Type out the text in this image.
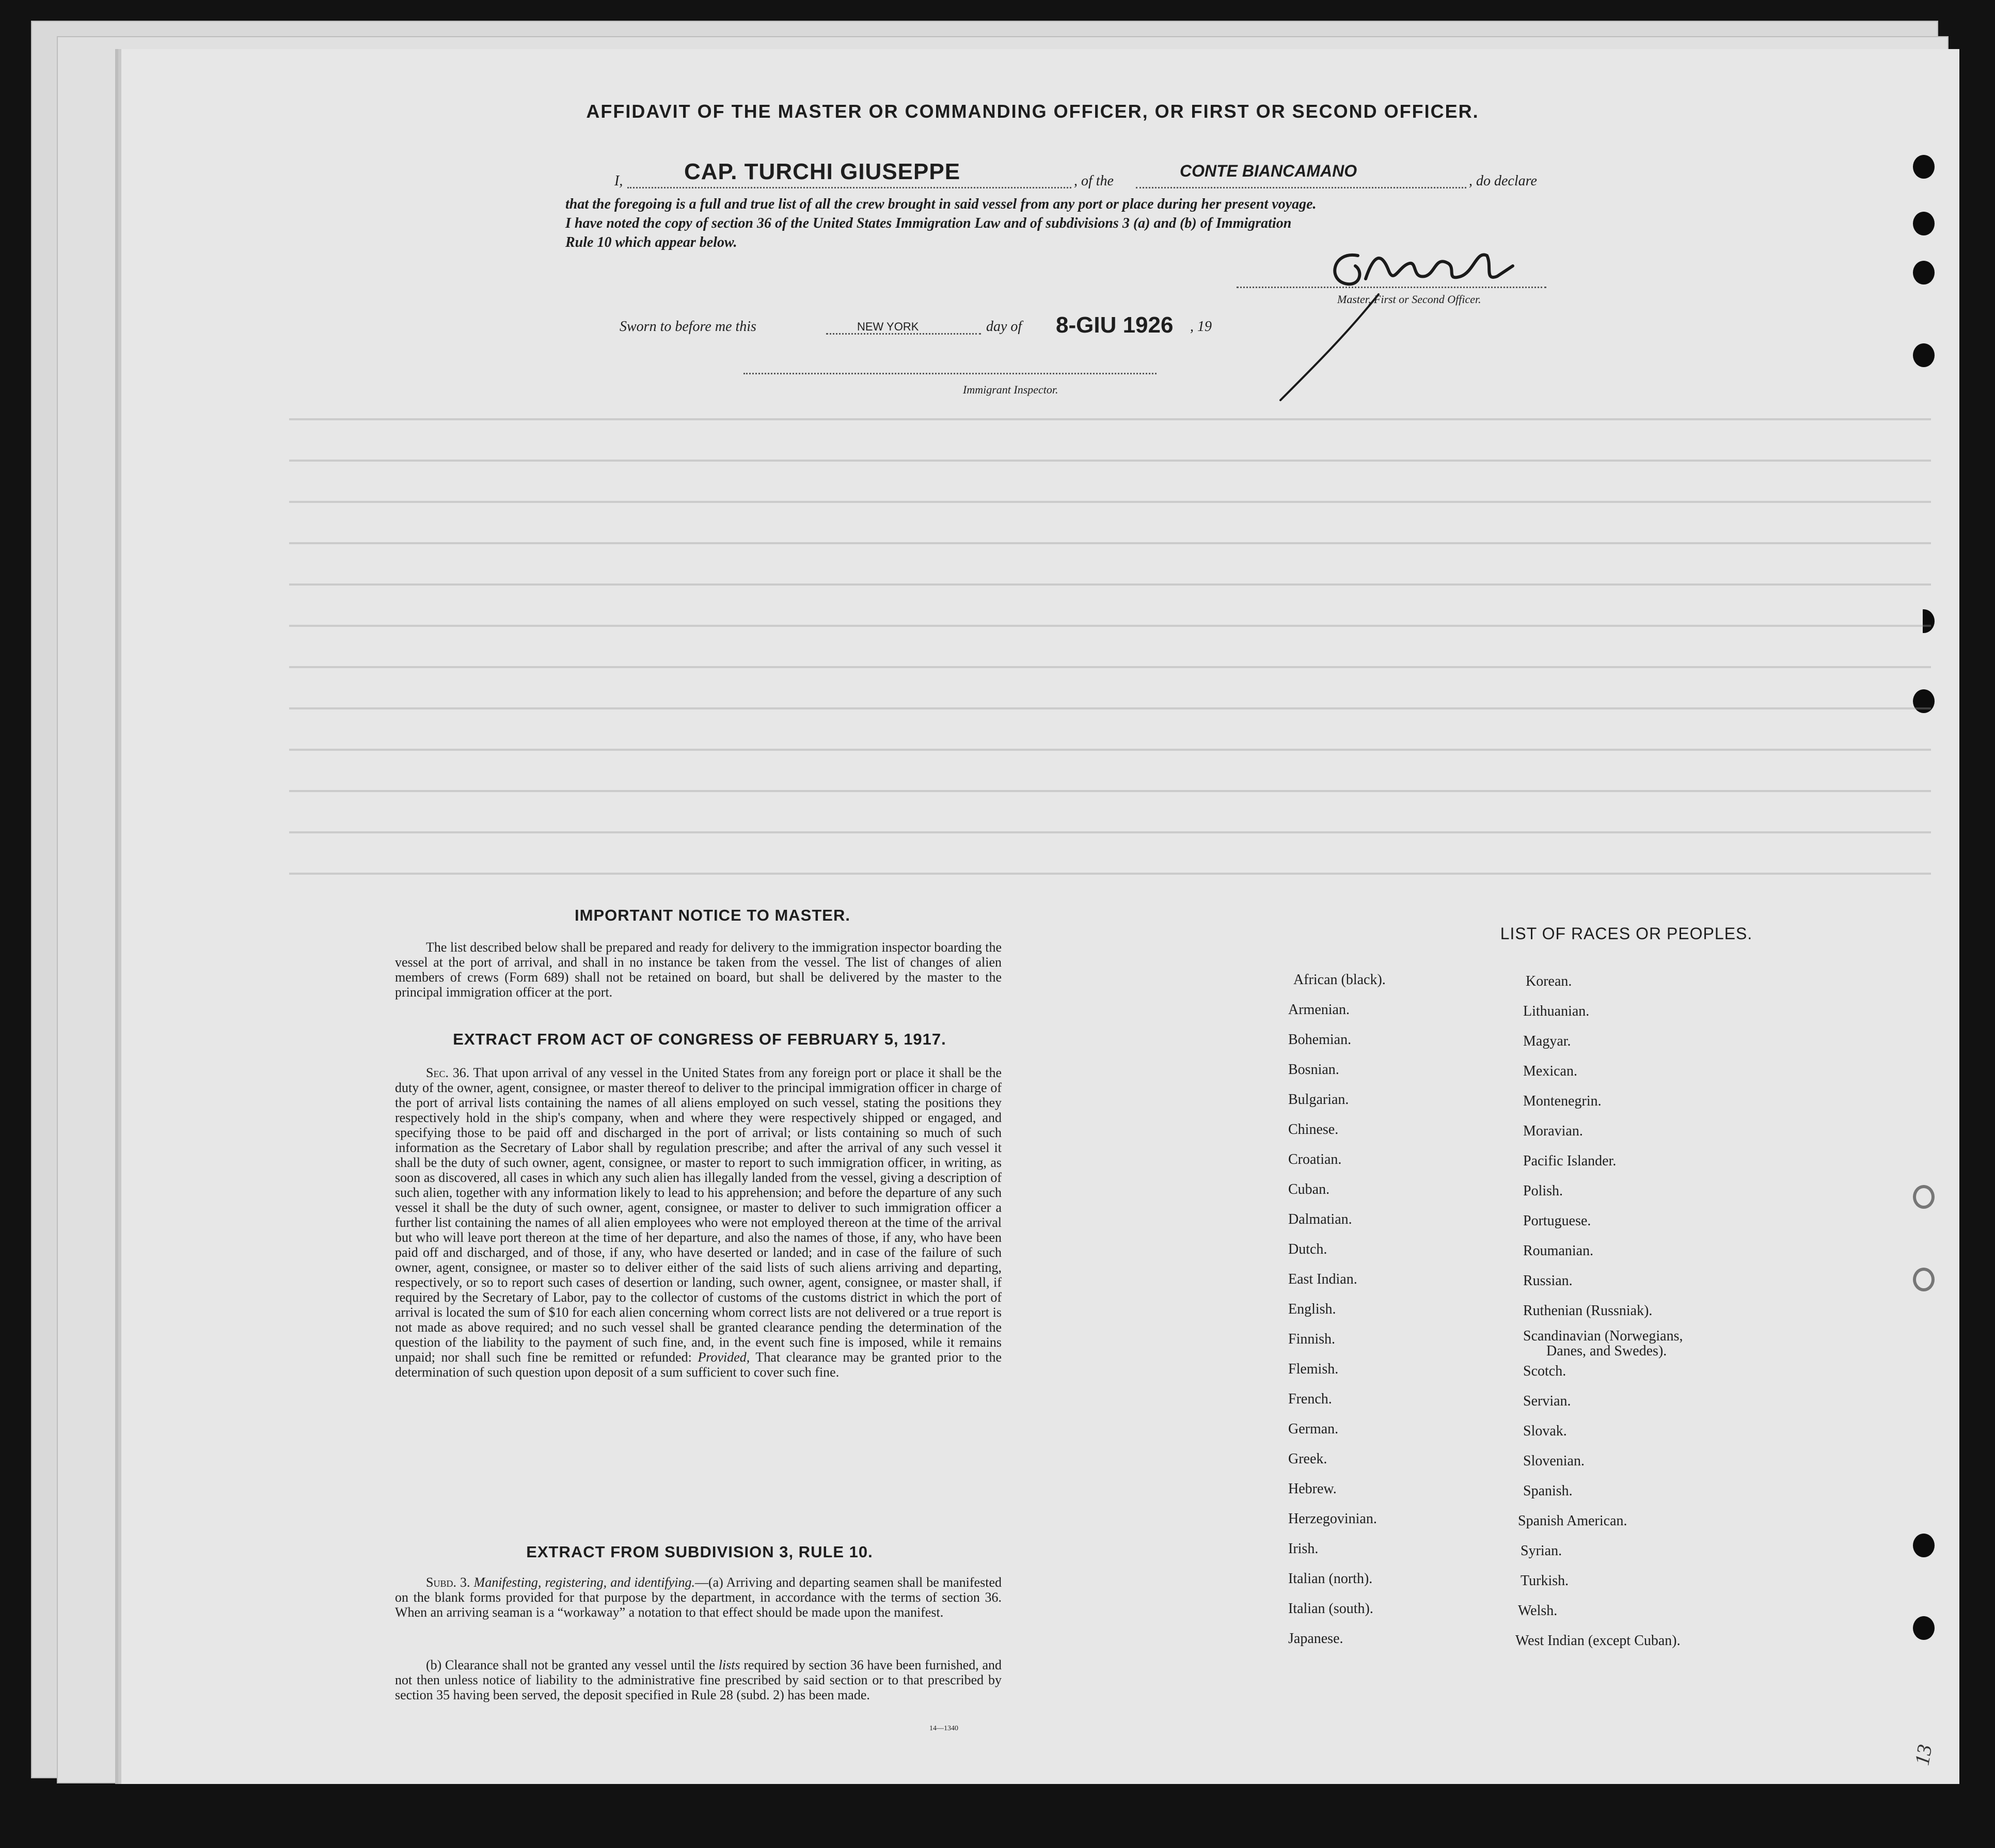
AFFIDAVIT OF THE MASTER OR COMMANDING OFFICER, OR FIRST OR SECOND OFFICER.
I,	CAP. TURCHI GIUSEPPE	, of the
CONTE BIANCAMANO
, do declare
that the foregoing is a full and true list of all the crew brought in said vessel from any port or place during her present voyage.
I have noted the copy of section 36 of the United States Immigration Law and of subdivisions 3 (a) and (b) of Immigration
Rule 10 which appear below.
Master, First or Second Officer.
Sworn to before me this	NEW YORK	day of 8-GIU 1926 , 19
Immigrant Inspector.
IMPORTANT NOTICE TO MASTER.
The list described below shall be prepared and ready for delivery to the immigration inspector boarding the vessel at the port of arrival, and shall in no instance be taken from the vessel. The list of changes of alien members of crews (Form 689) shall not be retained on board, but shall be delivered by the master to the principal immigration officer at the port.
EXTRACT FROM ACT OF CONGRESS OF FEBRUARY 5, 1917.
Sec. 36. That upon arrival of any vessel in the United States from any foreign port or place it shall be the duty of the owner, agent, consignee, or master thereof to deliver to the principal immigration officer in charge of the port of arrival lists containing the names of all aliens employed on such vessel, stating the positions they respectively hold in the ship's company, when and where they were respectively shipped or engaged, and specifying those to be paid off and discharged in the port of arrival; or lists containing so much of such information as the Secretary of Labor shall by regulation prescribe; and after the arrival of any such vessel it shall be the duty of such owner, agent, consignee, or master to report to such immigration officer, in writing, as soon as discovered, all cases in which any such alien has illegally landed from the vessel, giving a description of such alien, together with any information likely to lead to his apprehension; and before the departure of any such vessel it shall be the duty of such owner, agent, consignee, or master to deliver to such immigration officer a further list containing the names of all alien employees who were not employed thereon at the time of the arrival but who will leave port thereon at the time of her departure, and also the names of those, if any, who have been paid off and discharged, and of those, if any, who have deserted or landed; and in case of the failure of such owner, agent, consignee, or master so to deliver either of the said lists of such aliens arriving and departing, respectively, or so to report such cases of desertion or landing, such owner, agent, consignee, or master shall, if required by the Secretary of Labor, pay to the collector of customs of the customs district in which the port of arrival is located the sum of $10 for each alien concerning whom correct lists are not delivered or a true report is not made as above required; and no such vessel shall be granted clearance pending the determination of the question of the liability to the payment of such fine, and, in the event such fine is imposed, while it remains unpaid; nor shall such fine be remitted or refunded: Provided, That clearance may be granted prior to the determination of such question upon deposit of a sum sufficient to cover such fine.
EXTRACT FROM SUBDIVISION 3, RULE 10.
Subd. 3. Manifesting, registering, and identifying.—(a) Arriving and departing seamen shall be manifested on the blank forms provided for that purpose by the department, in accordance with the terms of section 36. When an arriving seaman is a “workaway” a notation to that effect should be made upon the manifest.
(b) Clearance shall not be granted any vessel until the lists required by section 36 have been furnished, and not then unless notice of liability to the administrative fine prescribed by said section or to that prescribed by section 35 having been served, the deposit specified in Rule 28 (subd. 2) has been made.
14—1340
LIST OF RACES OR PEOPLES.
African (black).
Armenian.
Bohemian.
Bosnian.
Bulgarian.
Chinese.
Croatian.
Cuban.
Dalmatian.
Dutch.
East Indian.
English.
Finnish.
Flemish.
French.
German.
Greek.
Hebrew.
Herzegovinian.
Irish.
Italian (north).
Italian (south).
Japanese.
Korean.
Lithuanian.
Magyar.
Mexican.
Montenegrin.
Moravian.
Pacific Islander.
Polish.
Portuguese.
Roumanian.
Russian.
Ruthenian (Russniak).
Scandinavian (Norwegians,
Danes, and Swedes).
Scotch.
Servian.
Slovak.
Slovenian.
Spanish.
Spanish American.
Syrian.
Turkish.
Welsh.
West Indian (except Cuban).
13
